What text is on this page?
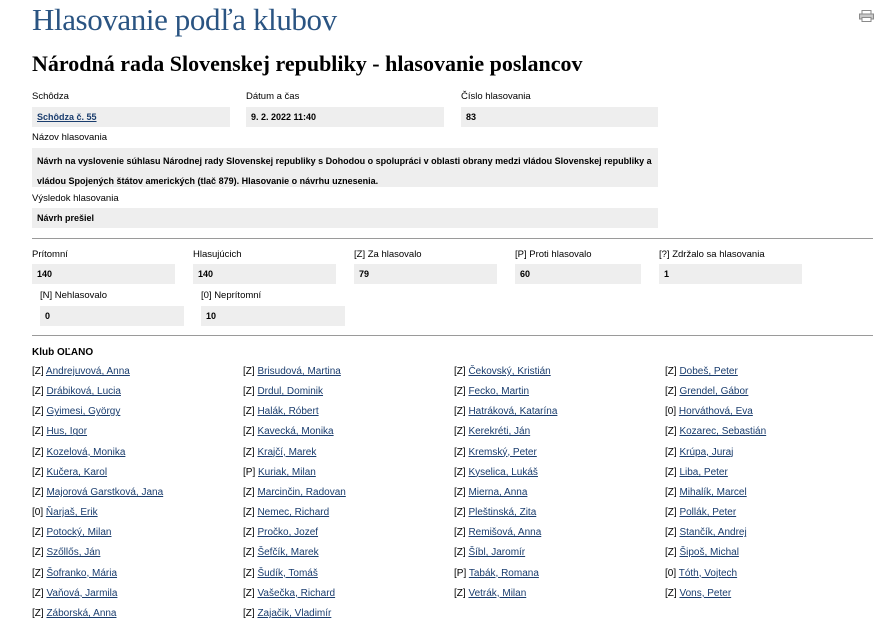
Hlasovanie podľa klubov
Národná rada Slovenskej republiky - hlasovanie poslancov
Schôdza
Schôdza č. 55
Dátum a čas
9. 2. 2022 11:40
Číslo hlasovania
83
Názov hlasovania
Návrh na vyslovenie súhlasu Národnej rady Slovenskej republiky s Dohodou o spolupráci v oblasti obrany medzi vládou Slovenskej republiky a vládou Spojených štátov amerických (tlač 879). Hlasovanie o návrhu uznesenia.
Výsledok hlasovania
Návrh prešiel
Prítomní
140
Hlasujúcich
140
[Z] Za hlasovalo
79
[P] Proti hlasovalo
60
[?] Zdržalo sa hlasovania
1
[N] Nehlasovalo
0
[0] Neprítomní
10
Klub OĽANO
[Z] Andrejuvová, Anna	[Z] Brisudová, Martina	[Z] Čekovský, Kristián	[Z] Dobeš, Peter
[Z] Drábiková, Lucia	[Z] Drdul, Dominik	[Z] Fecko, Martin	[Z] Grendel, Gábor
[Z] Gyimesi, György	[Z] Halák, Róbert	[Z] Hatráková, Katarína	[0] Horváthová, Eva
[Z] Hus, Igor	[Z] Kavecká, Monika	[Z] Kerekréti, Ján	[Z] Kozarec, Sebastián
[Z] Kozelová, Monika	[Z] Krajčí, Marek	[Z] Kremský, Peter	[Z] Krúpa, Juraj
[Z] Kučera, Karol	[P] Kuriak, Milan	[Z] Kyselica, Lukáš	[Z] Liba, Peter
[Z] Majorová Garstková, Jana	[Z] Marcinčin, Radovan	[Z] Mierna, Anna	[Z] Mihalík, Marcel
[0] Ňarjaš, Erik	[Z] Nemec, Richard	[Z] Pleštinská, Zita	[Z] Pollák, Peter
[Z] Potocký, Milan	[Z] Pročko, Jozef	[Z] Remišová, Anna	[Z] Stančík, Andrej
[Z] Szőllős, Ján	[Z] Šefčík, Marek	[Z] Šíbl, Jaromír	[Z] Šipoš, Michal
[Z] Šofranko, Mária	[Z] Šudík, Tomáš	[P] Tabák, Romana	[0] Tóth, Vojtech
[Z] Vaňová, Jarmila	[Z] Vašečka, Richard	[Z] Vetrák, Milan	[Z] Vons, Peter
[Z] Záborská, Anna	[Z] Zajačik, Vladimír
